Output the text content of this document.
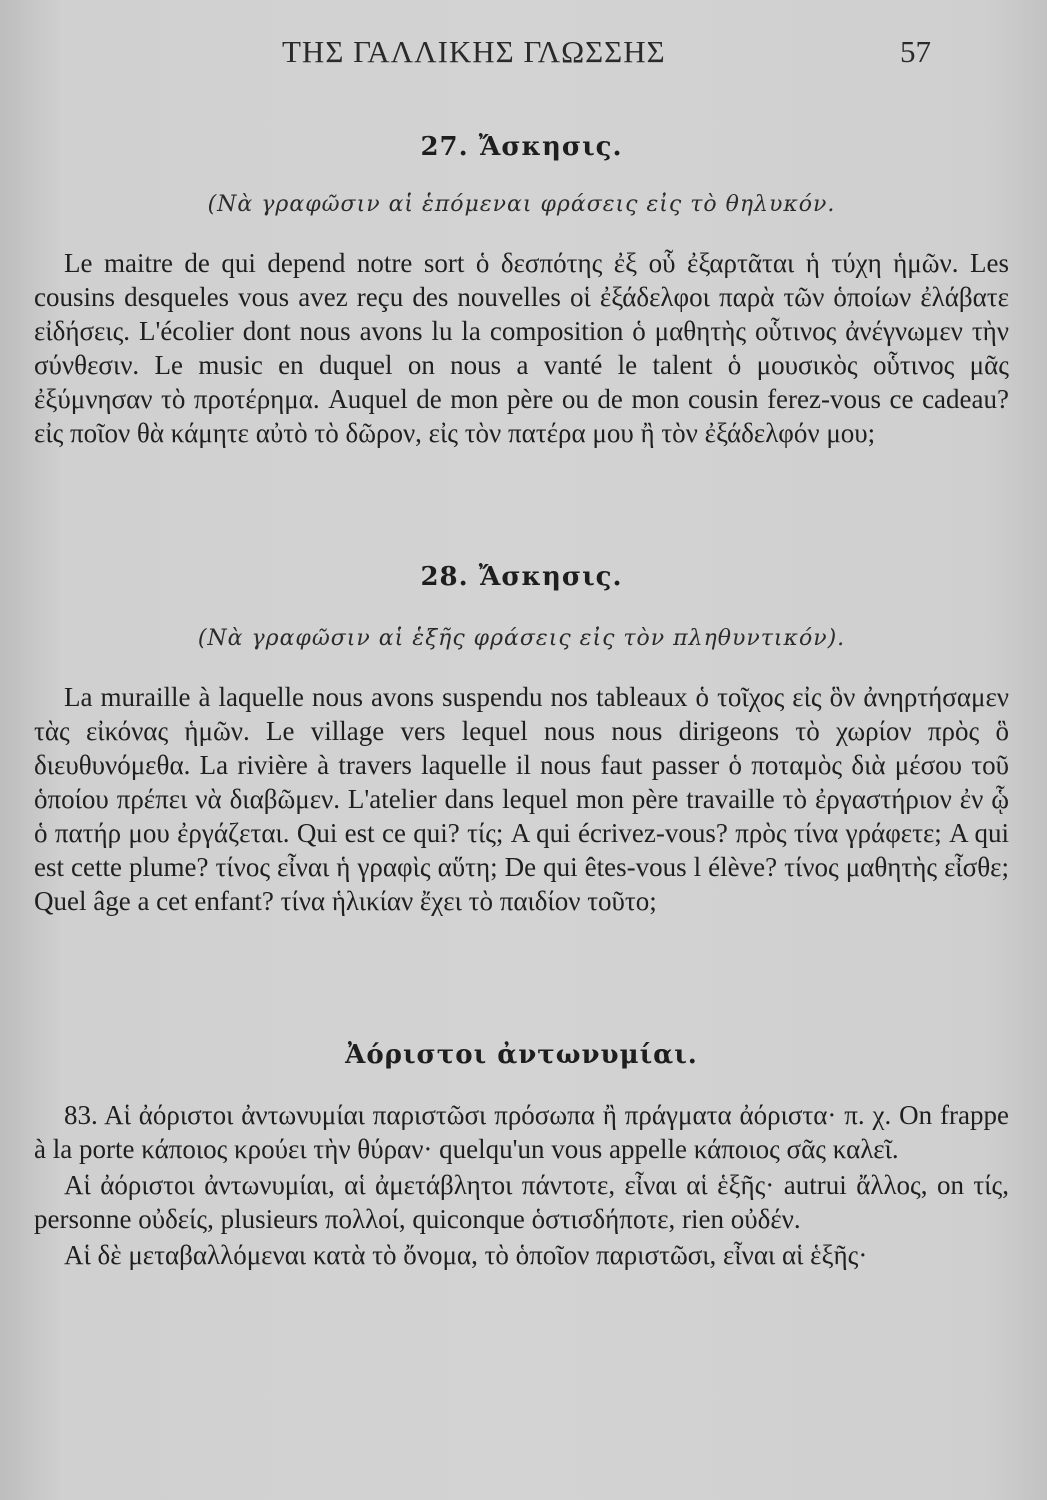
ΤΗΣ ΓΑΛΛΙΚΗΣ ΓΛΩΣΣΗΣ	57
27. Ἄσκησις.
(Νὰ γραφῶσιν αἱ ἑπόμεναι φράσεις εἰς τὸ θηλυκόν.
Le maitre de qui depend notre sort ὁ δεσπότης ἐξ οὗ ἐξαρτᾶται ἡ τύχη ἡμῶν. Les cousins desqueles vous avez reçu des nouvelles οἱ ἐξάδελφοι παρὰ τῶν ὁποίων ἐλάβατε εἰδήσεις. L'écolier dont nous avons lu la composition ὁ μαθητὴς οὗτινος ἀνέγνωμεν τὴν σύνθεσιν. Le music en duquel on nous a vanté le talent ὁ μουσικὸς οὗτινος μᾶς ἐξύμνησαν τὸ προτέρημα. Auquel de mon père ou de mon cousin ferez-vous ce cadeau? εἰς ποῖον θὰ κάμητε αὐτὸ τὸ δῶρον, εἰς τὸν πατέρα μου ἢ τὸν ἐξάδελφόν μου;
28. Ἄσκησις.
(Νὰ γραφῶσιν αἱ ἑξῆς φράσεις εἰς τὸν πληθυντικόν).
La muraille à laquelle nous avons suspendu nos tableaux ὁ τοῖχος εἰς ὃν ἀνηρτήσαμεν τὰς εἰκόνας ἡμῶν. Le village vers lequel nous nous dirigeons τὸ χωρίον πρὸς ὃ διευθυνόμεθα. La rivière à travers laquelle il nous faut passer ὁ ποταμὸς διὰ μέσου τοῦ ὁποίου πρέπει νὰ διαβῶμεν. L'atelier dans lequel mon père travaille τὸ ἐργαστήριον ἐν ᾧ ὁ πατήρ μου ἐργάζεται. Qui est ce qui? τίς; A qui écrivez-vous? πρὸς τίνα γράφετε; A qui est cette plume? τίνος εἶναι ἡ γραφὶς αὕτη; De qui êtes-vous l élève? τίνος μαθητὴς εἶσθε; Quel âge a cet enfant? τίνα ἡλικίαν ἔχει τὸ παιδίον τοῦτο;
Ἀόριστοι ἀντωνυμίαι.
83. Αἱ ἀόριστοι ἀντωνυμίαι παριστῶσι πρόσωπα ἢ πράγματα ἀόριστα· π. χ. On frappe à la porte κάποιος κρούει τὴν θύραν· quelqu'un vous appelle κάποιος σᾶς καλεῖ.
Αἱ ἀόριστοι ἀντωνυμίαι, αἱ ἀμετάβλητοι πάντοτε, εἶναι αἱ ἑξῆς· autrui ἄλλος, on τίς, personne οὐδείς, plusieurs πολλοί, quiconque ὁστισδήποτε, rien οὐδέν.
Αἱ δὲ μεταβαλλόμεναι κατὰ τὸ ὄνομα, τὸ ὁποῖον παριστῶσι, εἶναι αἱ ἑξῆς·
